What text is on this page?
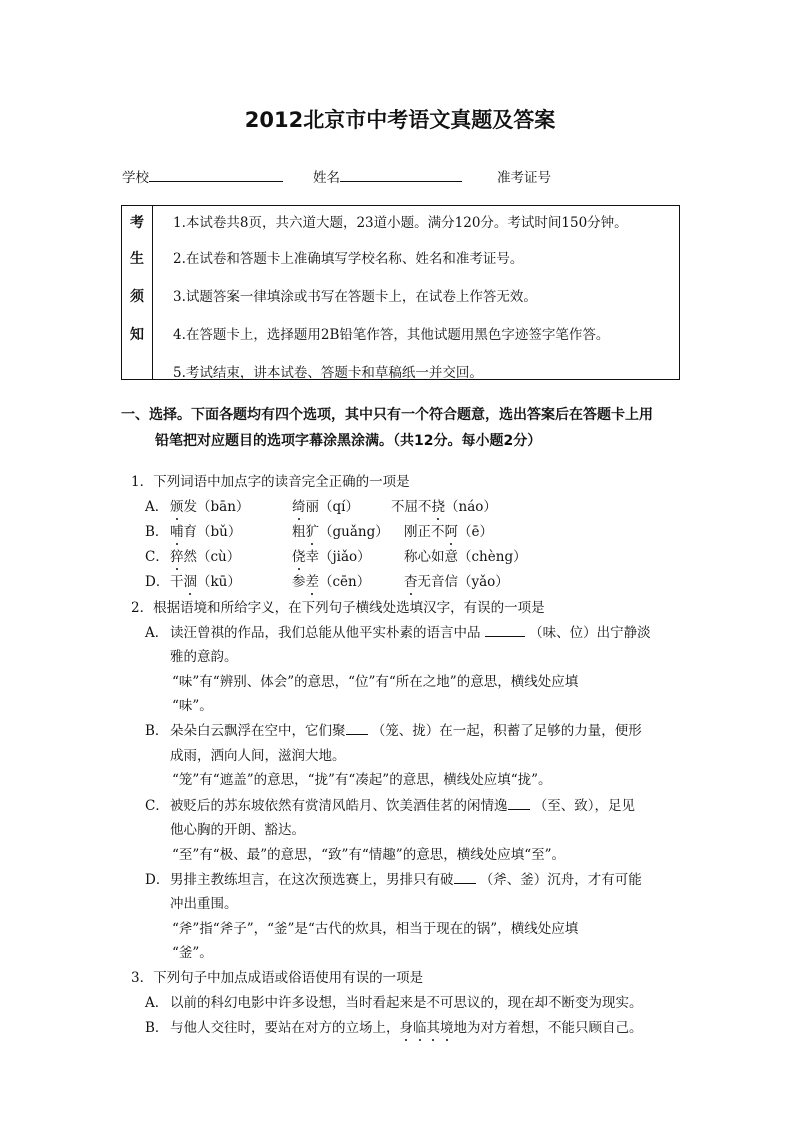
2012北京市中考语文真题及答案
学校	姓名	准考证号
考
生
须
知
1.本试卷共8页，共六道大题，23道小题。满分120分。考试时间150分钟。
2.在试卷和答题卡上准确填写学校名称、姓名和准考证号。
3.试题答案一律填涂或书写在答题卡上，在试卷上作答无效。
4.在答题卡上，选择题用2B铅笔作答，其他试题用黑色字迹签字笔作答。
5.考试结束，讲本试卷、答题卡和草稿纸一并交回。
一、选择。下面各题均有四个选项，其中只有一个符合题意，选出答案后在答题卡上用
铅笔把对应题目的选项字幕涂黑涂满。（共12分。每小题2分）
1．下列词语中加点字的读音完全正确的一项是
A． 颁发（bān）	绮丽（qí） 不屈不挠（náo）
B． 哺育（bǔ）	粗犷（guǎng） 刚正不阿（ē）
C． 猝然（cù）	侥幸（jiǎo） 称心如意（chèng）
D． 干涸（kū）	参差（cēn）	杳无音信（yǎo）
2．根据语境和所给字义，在下列句子横线处选填汉字，有误的一项是
A． 读汪曾祺的作品，我们总能从他平实朴素的语言中品	（味、位）出宁静淡
雅的意韵。
“味”有“辨别、体会”的意思，“位”有“所在之地”的意思，横线处应填
“味”。
B． 朵朵白云飘浮在空中，它们聚 （笼、拢）在一起，积蓄了足够的力量，便形
成雨，洒向人间，滋润大地。
“笼”有“遮盖”的意思，“拢”有“凑起”的意思，横线处应填“拢”。
C． 被贬后的苏东坡依然有赏清风皓月、饮美酒佳茗的闲情逸 （至、致），足见
他心胸的开朗、豁达。
“至”有“极、最”的意思，“致”有“情趣”的意思，横线处应填“至”。
D． 男排主教练坦言，在这次预选赛上，男排只有破 （斧、釜）沉舟，才有可能
冲出重围。
“斧”指“斧子”，“釜”是“古代的炊具，相当于现在的锅”，横线处应填
“釜”。
3．下列句子中加点成语或俗语使用有误的一项是
A． 以前的科幻电影中许多设想，当时看起来是不可思议的，现在却不断变为现实。
B． 与他人交往时，要站在对方的立场上，身临其境地为对方着想，不能只顾自己。
